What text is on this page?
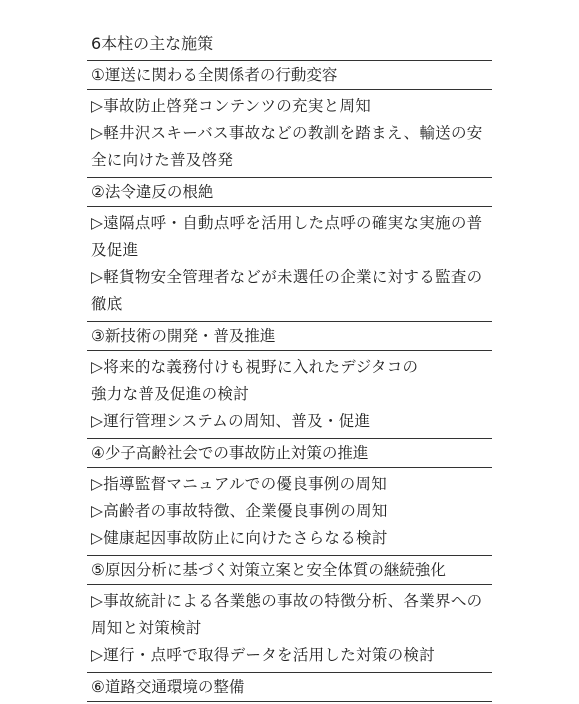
6本柱の主な施策
①運送に関わる全関係者の行動変容
▷事故防止啓発コンテンツの充実と周知
▷軽井沢スキーバス事故などの教訓を踏まえ、輸送の安全に向けた普及啓発
②法令違反の根絶
▷遠隔点呼・自動点呼を活用した点呼の確実な実施の普及促進
▷軽貨物安全管理者などが未選任の企業に対する監査の徹底
③新技術の開発・普及推進
▷将来的な義務付けも視野に入れたデジタコの
強力な普及促進の検討
▷運行管理システムの周知、普及・促進
④少子高齢社会での事故防止対策の推進
▷指導監督マニュアルでの優良事例の周知
▷高齢者の事故特徴、企業優良事例の周知
▷健康起因事故防止に向けたさらなる検討
⑤原因分析に基づく対策立案と安全体質の継続強化
▷事故統計による各業態の事故の特徴分析、各業界への周知と対策検討
▷運行・点呼で取得データを活用した対策の検討
⑥道路交通環境の整備
